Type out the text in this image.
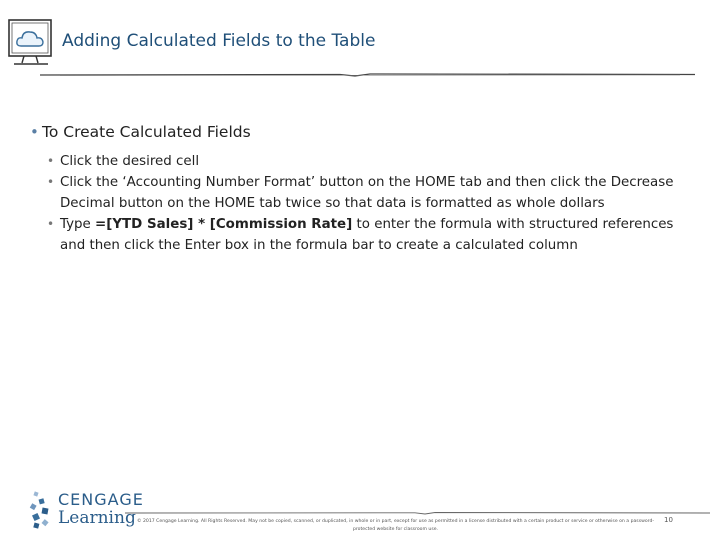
Adding Calculated Fields to the Table
• To Create Calculated Fields
• Click the desired cell
• Click the ‘Accounting Number Format’ button on the HOME tab and then click the Decrease Decimal button on the HOME tab twice so that data is formatted as whole dollars
• Type =[YTD Sales] * [Commission Rate] to enter the formula with structured references and then click the Enter box in the formula bar to create a calculated column
CENGAGE
Learning © 2017 Cengage Learning. All Rights Reserved. May not be copied, scanned, or duplicated, in whole or in part, except for use as permitted in a license distributed with a certain product or service or otherwise on a password-protected website for classroom use.
10
